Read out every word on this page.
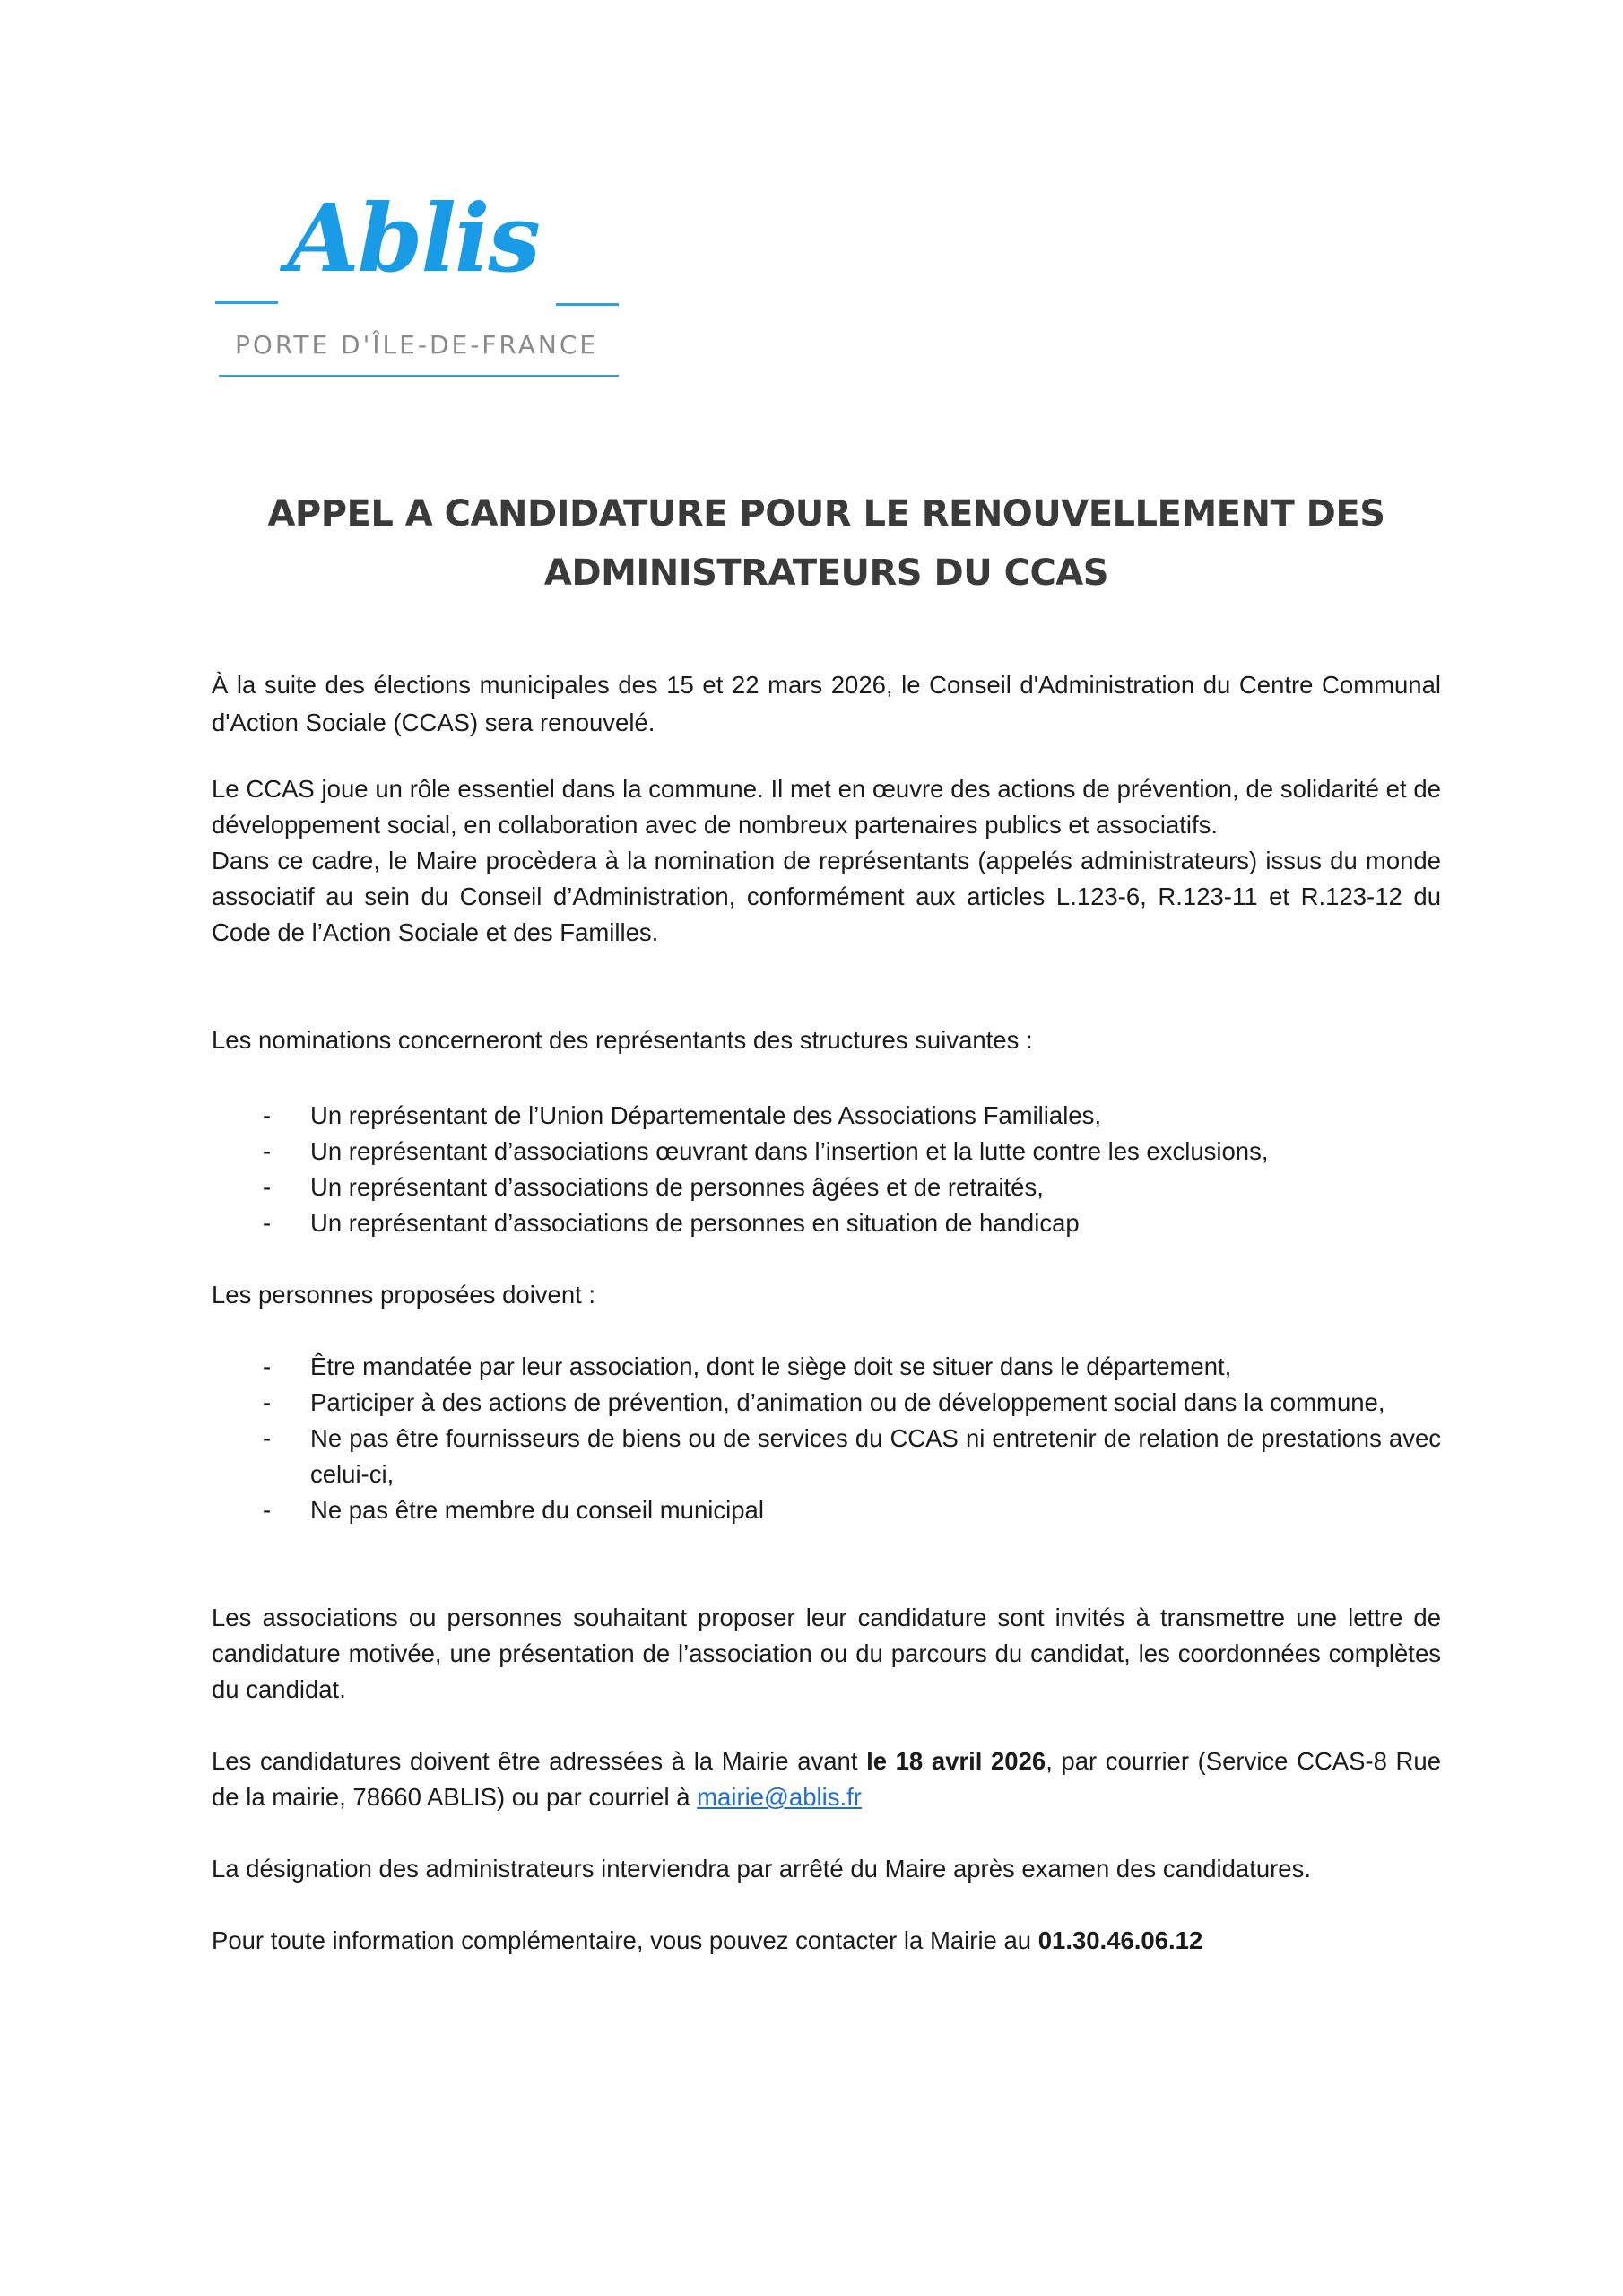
Ablis
PORTE D'ÎLE-DE-FRANCE
APPEL A CANDIDATURE POUR LE RENOUVELLEMENT DES
ADMINISTRATEURS DU CCAS

À la suite des élections municipales des 15 et 22 mars 2026, le Conseil d'Administration du Centre Communal d'Action Sociale (CCAS) sera renouvelé.

Le CCAS joue un rôle essentiel dans la commune. Il met en œuvre des actions de prévention, de solidarité et de développement social, en collaboration avec de nombreux partenaires publics et associatifs.

Dans ce cadre, le Maire procèdera à la nomination de représentants (appelés administrateurs) issus du monde associatif au sein du Conseil d’Administration, conformément aux articles L.123-6, R.123-11 et R.123-12 du Code de l’Action Sociale et des Familles.

Les nominations concerneront des représentants des structures suivantes :

- Un représentant de l’Union Départementale des Associations Familiales,
- Un représentant d’associations œuvrant dans l’insertion et la lutte contre les exclusions,
- Un représentant d’associations de personnes âgées et de retraités,
- Un représentant d’associations de personnes en situation de handicap

Les personnes proposées doivent :

- Être mandatée par leur association, dont le siège doit se situer dans le département,
- Participer à des actions de prévention, d’animation ou de développement social dans la commune,
- Ne pas être fournisseurs de biens ou de services du CCAS ni entretenir de relation de prestations avec celui-ci,
- Ne pas être membre du conseil municipal

Les associations ou personnes souhaitant proposer leur candidature sont invités à transmettre une lettre de candidature motivée, une présentation de l’association ou du parcours du candidat, les coordonnées complètes du candidat.

Les candidatures doivent être adressées à la Mairie avant le 18 avril 2026, par courrier (Service CCAS-8 Rue de la mairie, 78660 ABLIS) ou par courriel à mairie@ablis.fr

La désignation des administrateurs interviendra par arrêté du Maire après examen des candidatures.

Pour toute information complémentaire, vous pouvez contacter la Mairie au 01.30.46.06.12
